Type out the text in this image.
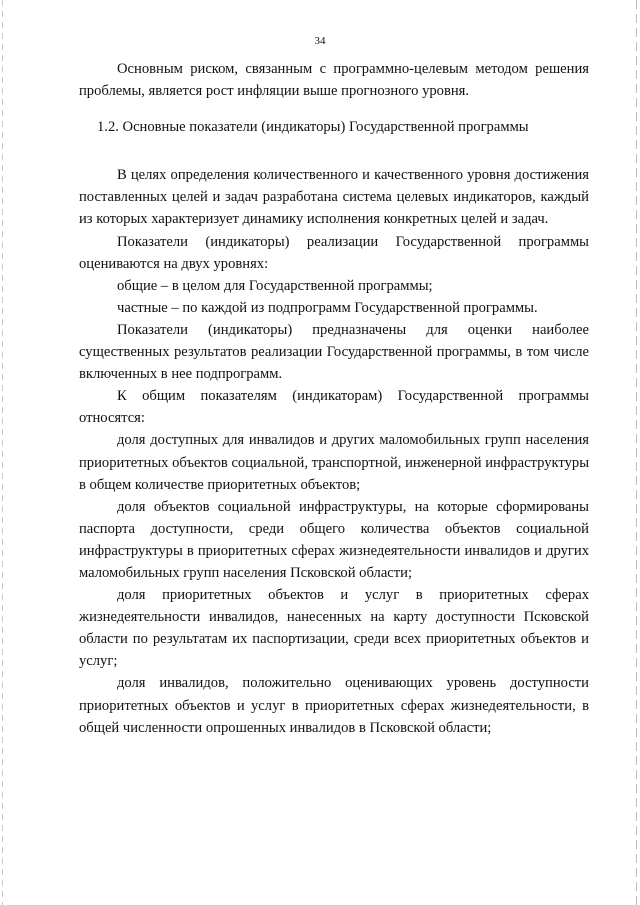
34

Основным риском, связанным с программно-целевым методом решения проблемы, является рост инфляции выше прогнозного уровня.

1.2. Основные показатели (индикаторы) Государственной программы

В целях определения количественного и качественного уровня достижения поставленных целей и задач разработана система целевых индикаторов, каждый из которых характеризует динамику исполнения конкретных целей и задач.

Показатели (индикаторы) реализации Государственной программы оцениваются на двух уровнях:

общие – в целом для Государственной программы;

частные – по каждой из подпрограмм Государственной программы.

Показатели (индикаторы) предназначены для оценки наиболее существенных результатов реализации Государственной программы, в том числе включенных в нее подпрограмм.

К общим показателям (индикаторам) Государственной программы относятся:

доля доступных для инвалидов и других маломобильных групп населения приоритетных объектов социальной, транспортной, инженерной инфраструктуры в общем количестве приоритетных объектов;

доля объектов социальной инфраструктуры, на которые сформированы паспорта доступности, среди общего количества объектов социальной инфраструктуры в приоритетных сферах жизнедеятельности инвалидов и других маломобильных групп населения Псковской области;

доля приоритетных объектов и услуг в приоритетных сферах жизнедеятельности инвалидов, нанесенных на карту доступности Псковской области по результатам их паспортизации, среди всех приоритетных объектов и услуг;

доля инвалидов, положительно оценивающих уровень доступности приоритетных объектов и услуг в приоритетных сферах жизнедеятельности, в общей численности опрошенных инвалидов в Псковской области;
